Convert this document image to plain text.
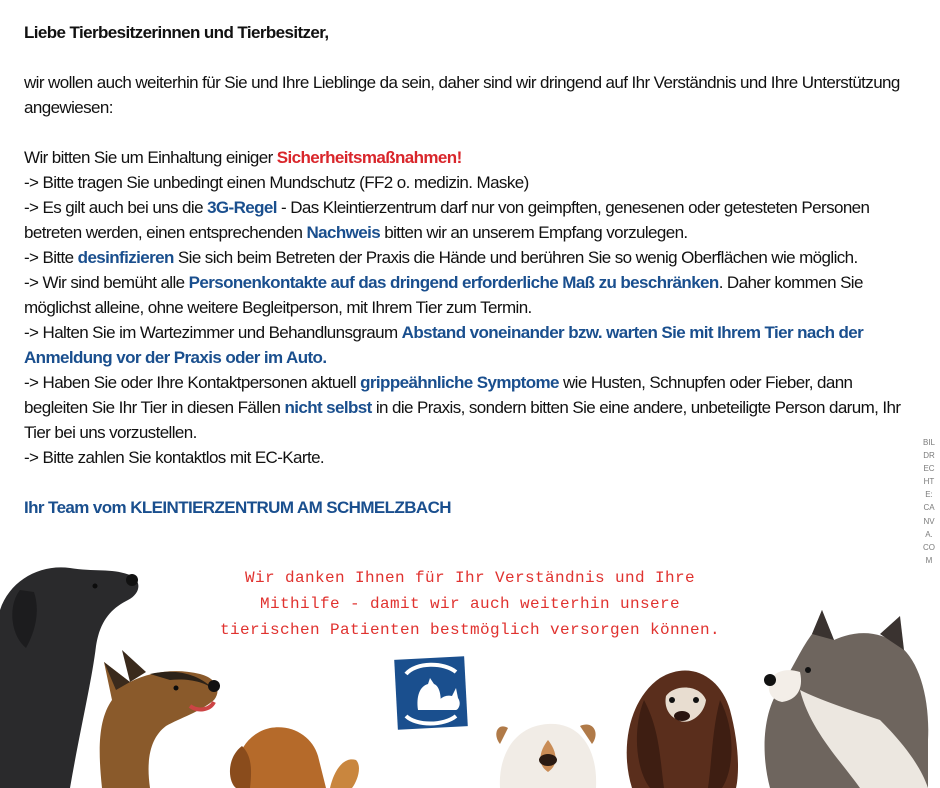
Liebe Tierbesitzerinnen und Tierbesitzer,

wir wollen auch weiterhin für Sie und Ihre Lieblinge da sein, daher sind wir dringend auf Ihr Verständnis und Ihre Unterstützung angewiesen:

Wir bitten Sie um Einhaltung einiger Sicherheitsmaßnahmen!

-> Bitte tragen Sie unbedingt einen Mundschutz (FF2 o. medizin. Maske)

-> Es gilt auch bei uns die 3G-Regel - Das Kleintierzentrum darf nur von geimpften, genesenen oder getesteten Personen betreten werden, einen entsprechenden Nachweis bitten wir an unserem Empfang vorzulegen.

-> Bitte desinfizieren Sie sich beim Betreten der Praxis die Hände und berühren Sie so wenig Oberflächen wie möglich.

-> Wir sind bemüht alle Personenkontakte auf das dringend erforderliche Maß zu beschränken. Daher kommen Sie möglichst alleine, ohne weitere Begleitperson, mit Ihrem Tier zum Termin.

-> Halten Sie im Wartezimmer und Behandlunsgraum Abstand voneinander bzw. warten Sie mit Ihrem Tier nach der Anmeldung vor der Praxis oder im Auto.

-> Haben Sie oder Ihre Kontaktpersonen aktuell grippeähnliche Symptome wie Husten, Schnupfen oder Fieber, dann begleiten Sie Ihr Tier in diesen Fällen nicht selbst in die Praxis, sondern bitten Sie eine andere, unbeteiligte Person darum, Ihr Tier bei uns vorzustellen.

-> Bitte zahlen Sie kontaktlos mit EC-Karte.

Ihr Team vom KLEINTIERZENTRUM AM SCHMELZBACH

BILDRECHTE: CANVA.COM
Wir danken Ihnen für Ihr Verständnis und Ihre
Mithilfe - damit wir auch weiterhin unsere
tierischen Patienten bestmöglich versorgen können.
